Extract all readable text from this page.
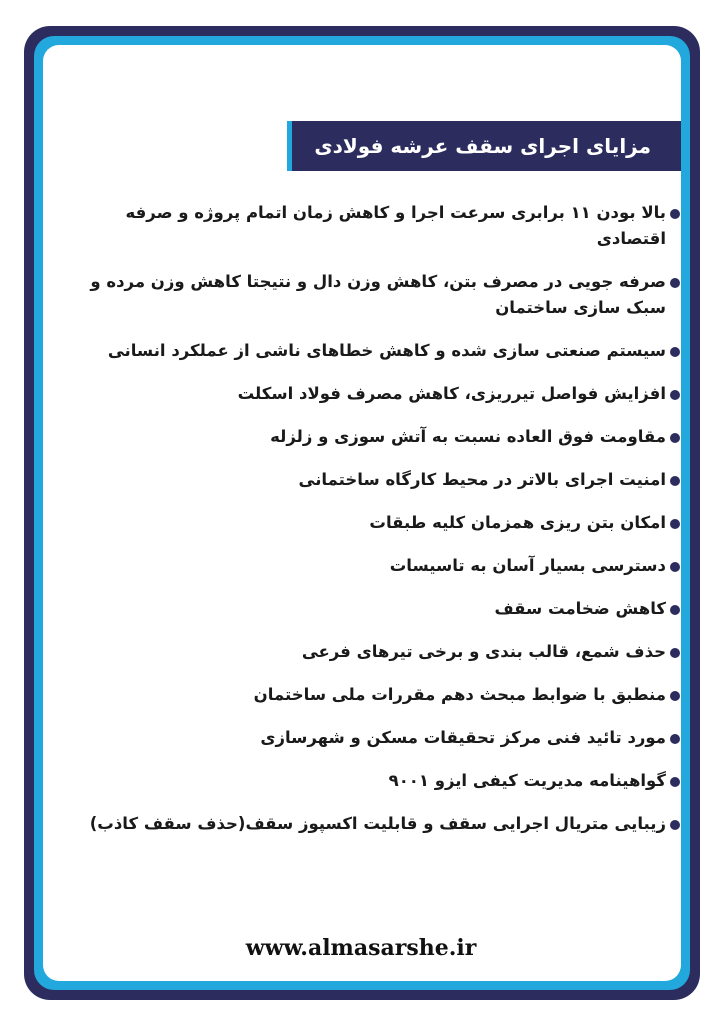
مزایای اجرای سقف عرشه فولادی
بالا بودن ۱۱ برابری سرعت اجرا و کاهش زمان اتمام پروژه و صرفه اقتصادی
صرفه جویی در مصرف بتن، کاهش وزن دال و نتیجتا کاهش وزن مرده و سبک سازی ساختمان
سیستم صنعتی سازی شده و کاهش خطاهای ناشی از عملکرد انسانی
افزایش فواصل تیرریزی، کاهش مصرف فولاد اسکلت
مقاومت فوق العاده نسبت به آتش سوزی و زلزله
امنیت اجرای بالاتر در محیط کارگاه ساختمانی
امکان بتن ریزی همزمان کلیه طبقات
دسترسی بسیار آسان به تاسیسات
کاهش ضخامت سقف
حذف شمع، قالب بندی و برخی تیرهای فرعی
منطبق با ضوابط مبحث دهم مقررات ملی ساختمان
مورد تائید فنی مرکز تحقیقات مسکن و شهرسازی
گواهینامه مدیریت کیفی ایزو ۹۰۰۱
زیبایی متریال اجرایی سقف و قابلیت اکسپوز سقف(حذف سقف کاذب)
www.almasarshe.ir
